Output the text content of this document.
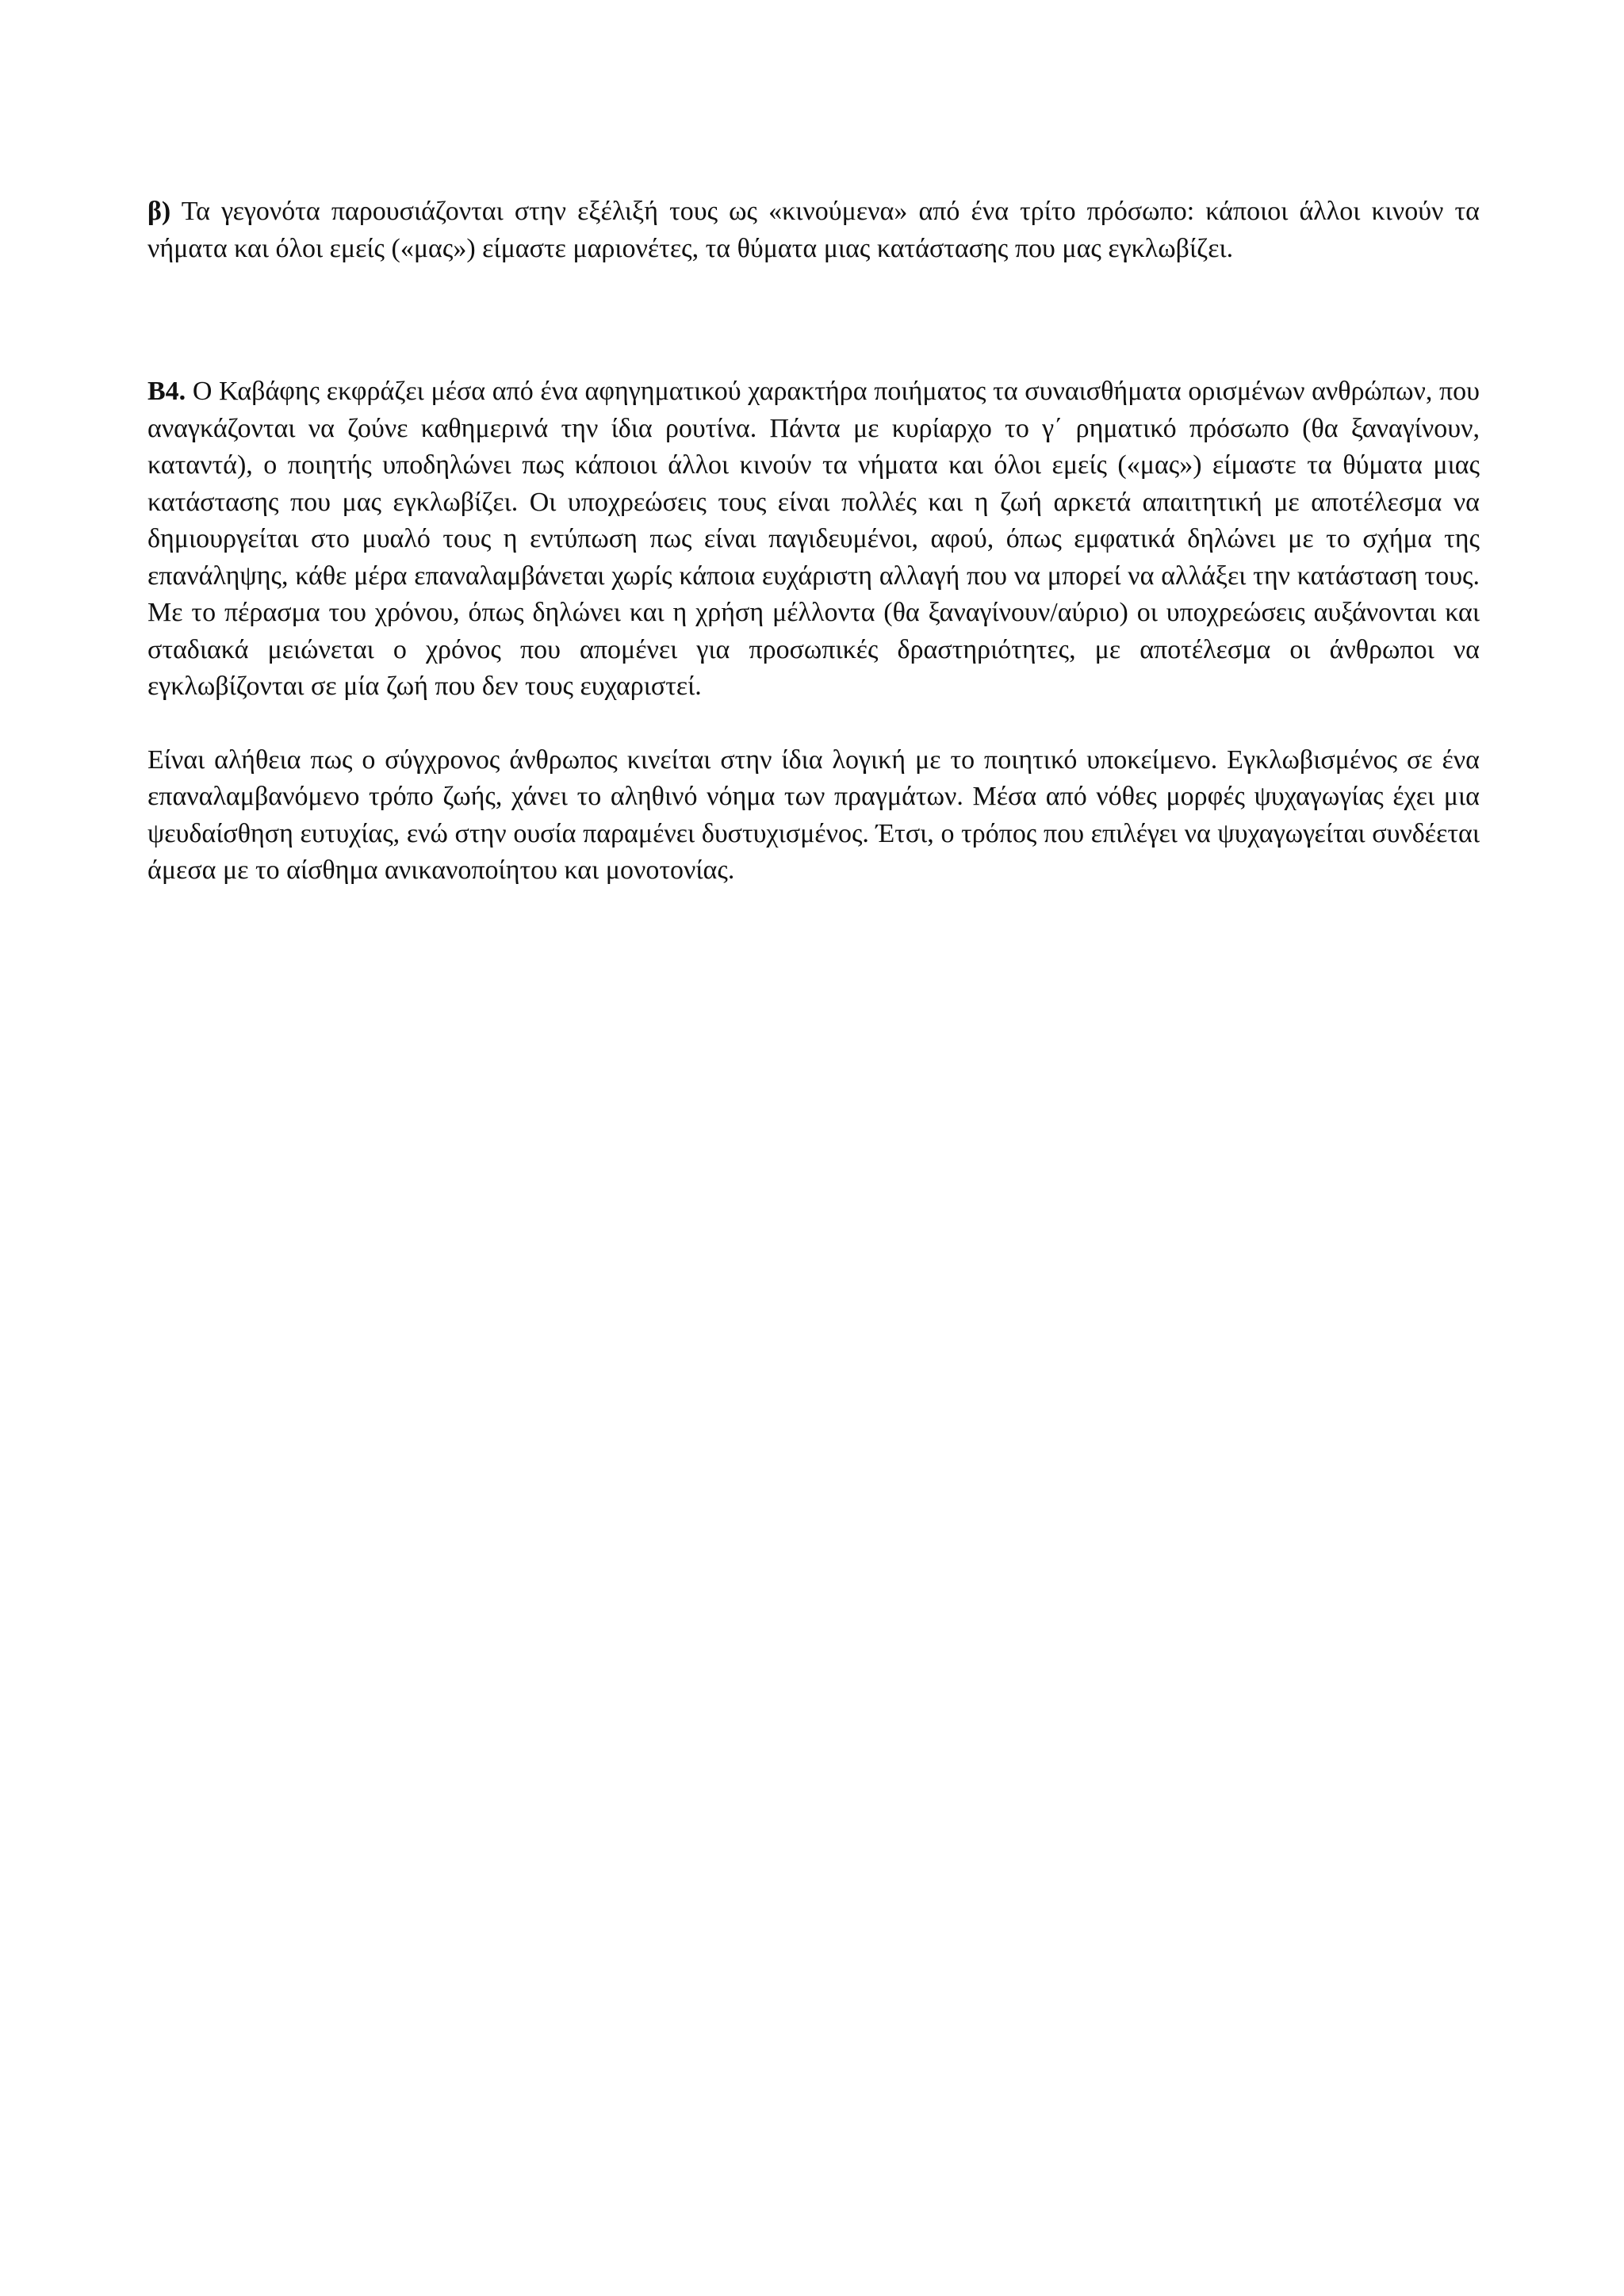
β) Τα γεγονότα παρουσιάζονται στην εξέλιξή τους ως «κινούμενα» από ένα τρίτο πρόσωπο: κάποιοι άλλοι κινούν τα νήματα και όλοι εμείς («μας») είμαστε μαριονέτες, τα θύματα μιας κατάστασης που μας εγκλωβίζει.

B4. O Καβάφης εκφράζει μέσα από ένα αφηγηματικού χαρακτήρα ποιήματος τα συναισθήματα ορισμένων ανθρώπων, που αναγκάζονται να ζούνε καθημερινά την ίδια ρουτίνα. Πάντα με κυρίαρχο το γ΄ ρηματικό πρόσωπο (θα ξαναγίνουν, καταντά), ο ποιητής υποδηλώνει πως κάποιοι άλλοι κινούν τα νήματα και όλοι εμείς («μας») είμαστε τα θύματα μιας κατάστασης που μας εγκλωβίζει. Οι υποχρεώσεις τους είναι πολλές και η ζωή αρκετά απαιτητική με αποτέλεσμα να δημιουργείται στο μυαλό τους η εντύπωση πως είναι παγιδευμένοι, αφού, όπως εμφατικά δηλώνει με το σχήμα της επανάληψης, κάθε μέρα επαναλαμβάνεται χωρίς κάποια ευχάριστη αλλαγή που να μπορεί να αλλάξει την κατάσταση τους. Με το πέρασμα του χρόνου, όπως δηλώνει και η χρήση μέλλοντα (θα ξαναγίνουν/αύριο) οι υποχρεώσεις αυξάνονται και σταδιακά μειώνεται ο χρόνος που απομένει για προσωπικές δραστηριότητες, με αποτέλεσμα οι άνθρωποι να εγκλωβίζονται σε μία ζωή που δεν τους ευχαριστεί.

Είναι αλήθεια πως ο σύγχρονος άνθρωπος κινείται στην ίδια λογική με το ποιητικό υποκείμενο. Εγκλωβισμένος σε ένα επαναλαμβανόμενο τρόπο ζωής, χάνει το αληθινό νόημα των πραγμάτων. Μέσα από νόθες μορφές ψυχαγωγίας έχει μια ψευδαίσθηση ευτυχίας, ενώ στην ουσία παραμένει δυστυχισμένος. Έτσι, ο τρόπος που επιλέγει να ψυχαγωγείται συνδέεται άμεσα με το αίσθημα ανικανοποίητου και μονοτονίας.
